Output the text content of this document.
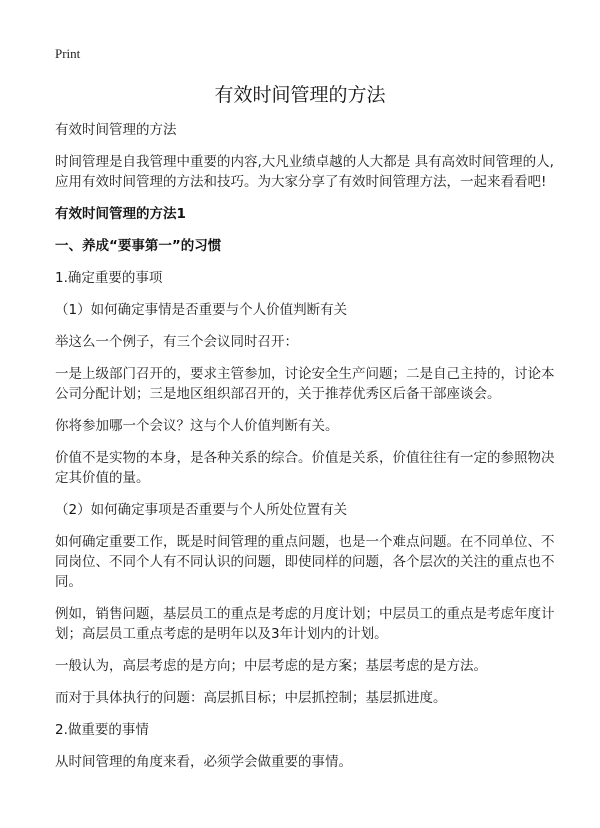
Print
有效时间管理的方法

有效时间管理的方法

时间管理是自我管理中重要的内容,大凡业绩卓越的人大都是 具有高效时间管理的人,应用有效时间管理的方法和技巧。为大家分享了有效时间管理方法，一起来看看吧!

有效时间管理的方法1

一、养成“要事第一”的习惯

1.确定重要的事项

（1）如何确定事情是否重要与个人价值判断有关

举这么一个例子，有三个会议同时召开：

一是上级部门召开的，要求主管参加，讨论安全生产问题；二是自己主持的，讨论本公司分配计划；三是地区组织部召开的，关于推荐优秀区后备干部座谈会。

你将参加哪一个会议？这与个人价值判断有关。

价值不是实物的本身，是各种关系的综合。价值是关系，价值往往有一定的参照物决定其价值的量。

（2）如何确定事项是否重要与个人所处位置有关

如何确定重要工作，既是时间管理的重点问题，也是一个难点问题。在不同单位、不同岗位、不同个人有不同认识的问题，即使同样的问题，各个层次的关注的重点也不同。

例如，销售问题，基层员工的重点是考虑的月度计划；中层员工的重点是考虑年度计划；高层员工重点考虑的是明年以及3年计划内的计划。

一般认为，高层考虑的是方向；中层考虑的是方案；基层考虑的是方法。

而对于具体执行的问题：高层抓目标；中层抓控制；基层抓进度。

2.做重要的事情

从时间管理的角度来看，必须学会做重要的事情。
